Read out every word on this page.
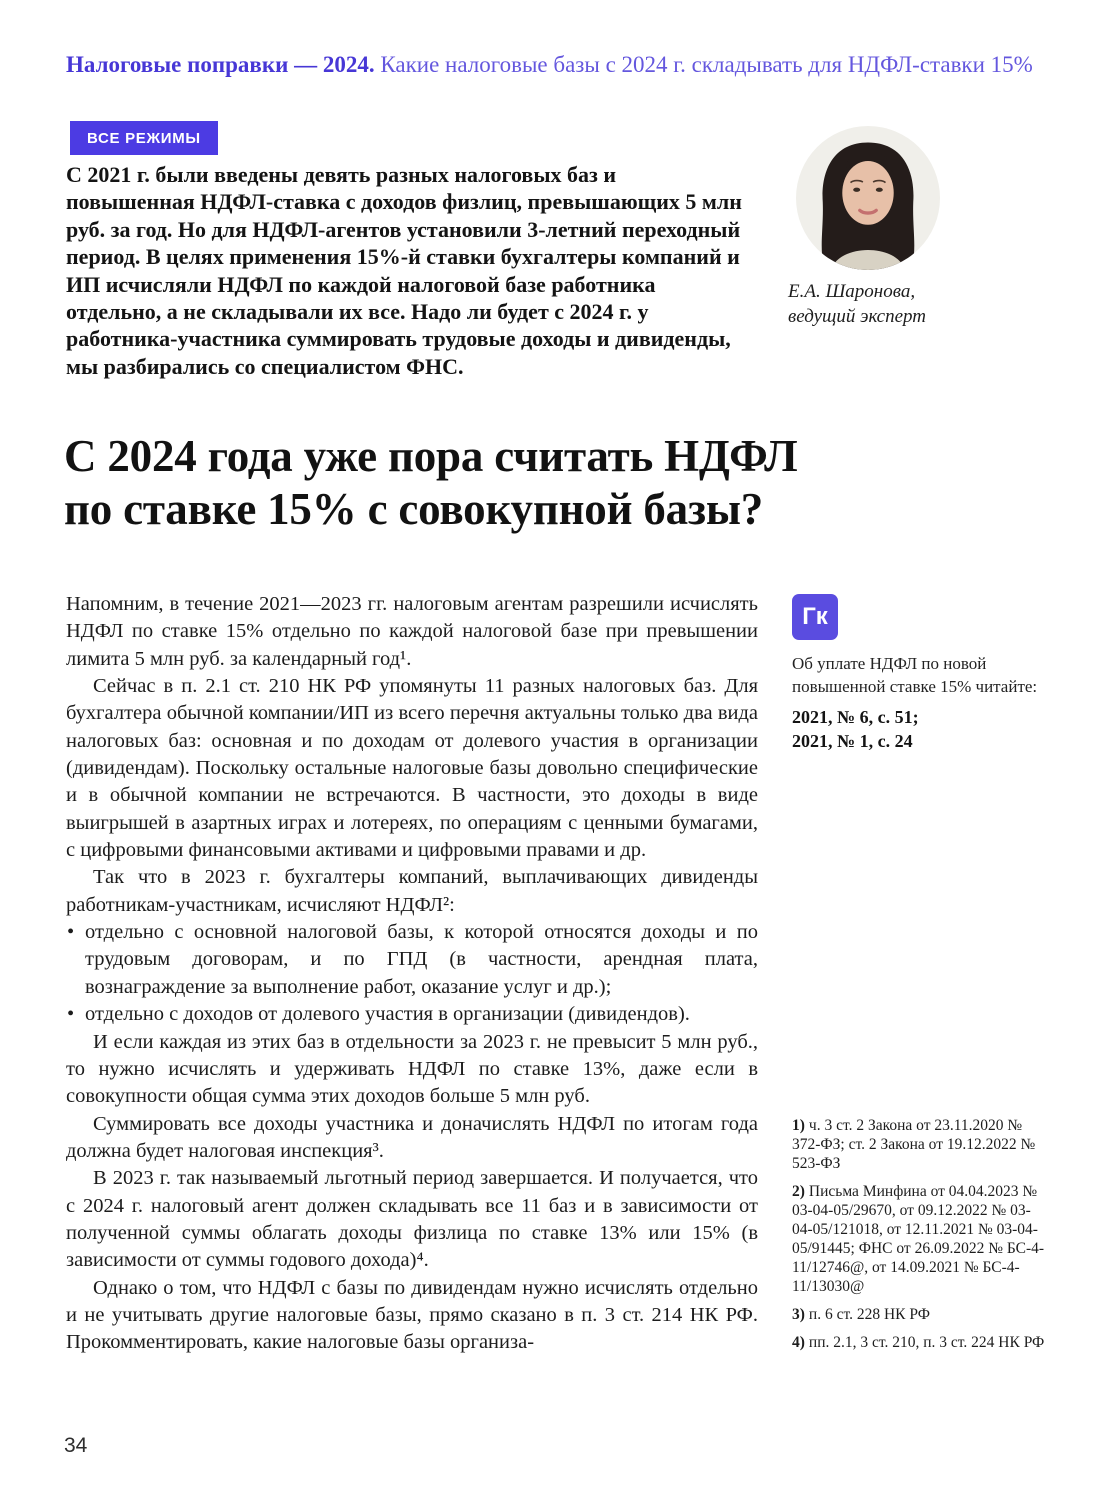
Налоговые поправки — 2024. Какие налоговые базы с 2024 г. складывать для НДФЛ-ставки 15%
ВСЕ РЕЖИМЫ
С 2021 г. были введены девять разных налоговых баз и повышенная НДФЛ-ставка с доходов физлиц, превышающих 5 млн руб. за год. Но для НДФЛ-агентов установили 3-летний переходный период. В целях применения 15%-й ставки бухгалтеры компаний и ИП исчисляли НДФЛ по каждой налоговой базе работника отдельно, а не складывали их все. Надо ли будет с 2024 г. у работника-участника суммировать трудовые доходы и дивиденды, мы разбирались со специалистом ФНС.
Е.А. Шаронова,
ведущий эксперт
С 2024 года уже пора считать НДФЛ
по ставке 15% с совокупной базы?

Напомним, в течение 2021—2023 гг. налоговым агентам разрешили исчислять НДФЛ по ставке 15% отдельно по каждой налоговой базе при превышении лимита 5 млн руб. за календарный год¹.

Сейчас в п. 2.1 ст. 210 НК РФ упомянуты 11 разных налоговых баз. Для бухгалтера обычной компании/ИП из всего перечня актуальны только два вида налоговых баз: основная и по доходам от долевого участия в организации (дивидендам). Поскольку остальные налоговые базы довольно специфические и в обычной компании не встречаются. В частности, это доходы в виде выигрышей в азартных играх и лотереях, по операциям с ценными бумагами, с цифровыми финансовыми активами и цифровыми правами и др.

Так что в 2023 г. бухгалтеры компаний, выплачивающих дивиденды работникам-участникам, исчисляют НДФЛ²:

• отдельно с основной налоговой базы, к которой относятся доходы и по трудовым договорам, и по ГПД (в частности, арендная плата, вознаграждение за выполнение работ, оказание услуг и др.);
• отдельно с доходов от долевого участия в организации (дивидендов).

И если каждая из этих баз в отдельности за 2023 г. не превысит 5 млн руб., то нужно исчислять и удерживать НДФЛ по ставке 13%, даже если в совокупности общая сумма этих доходов больше 5 млн руб.

Суммировать все доходы участника и доначислять НДФЛ по итогам года должна будет налоговая инспекция³.

В 2023 г. так называемый льготный период завершается. И получается, что с 2024 г. налоговый агент должен складывать все 11 баз и в зависимости от полученной суммы облагать доходы физлица по ставке 13% или 15% (в зависимости от суммы годового дохода)⁴.

Однако о том, что НДФЛ с базы по дивидендам нужно исчислять отдельно и не учитывать другие налоговые базы, прямо сказано в п. 3 ст. 214 НК РФ. Прокомментировать, какие налоговые базы организа-

Гк
Об уплате НДФЛ по новой повышенной ставке 15% читайте:
2021, № 6, с. 51;
2021, № 1, с. 24
1) ч. 3 ст. 2 Закона от 23.11.2020 № 372-ФЗ; ст. 2 Закона от 19.12.2022 № 523-ФЗ
2) Письма Минфина от 04.04.2023 № 03-04-05/29670, от 09.12.2022 № 03-04-05/121018, от 12.11.2021 № 03-04-05/91445; ФНС от 26.09.2022 № БС-4-11/12746@, от 14.09.2021 № БС-4-11/13030@
3) п. 6 ст. 228 НК РФ
4) пп. 2.1, 3 ст. 210, п. 3 ст. 224 НК РФ
34
